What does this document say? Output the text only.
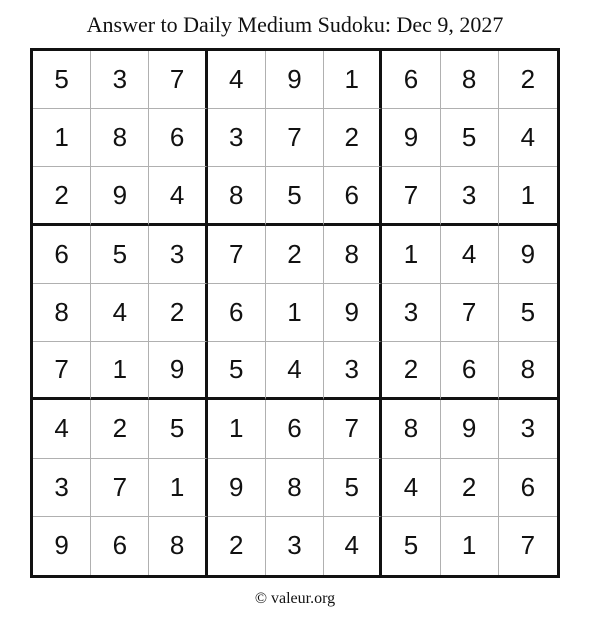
Answer to Daily Medium Sudoku: Dec 9, 2027
5	3	7	4	9	1	6	8	2
1	8	6	3	7	2	9	5	4
2	9	4	8	5	6	7	3	1
6	5	3	7	2	8	1	4	9
8	4	2	6	1	9	3	7	5
7	1	9	5	4	3	2	6	8
4	2	5	1	6	7	8	9	3
3	7	1	9	8	5	4	2	6
9	6	8	2	3	4	5	1	7
© valeur.org
